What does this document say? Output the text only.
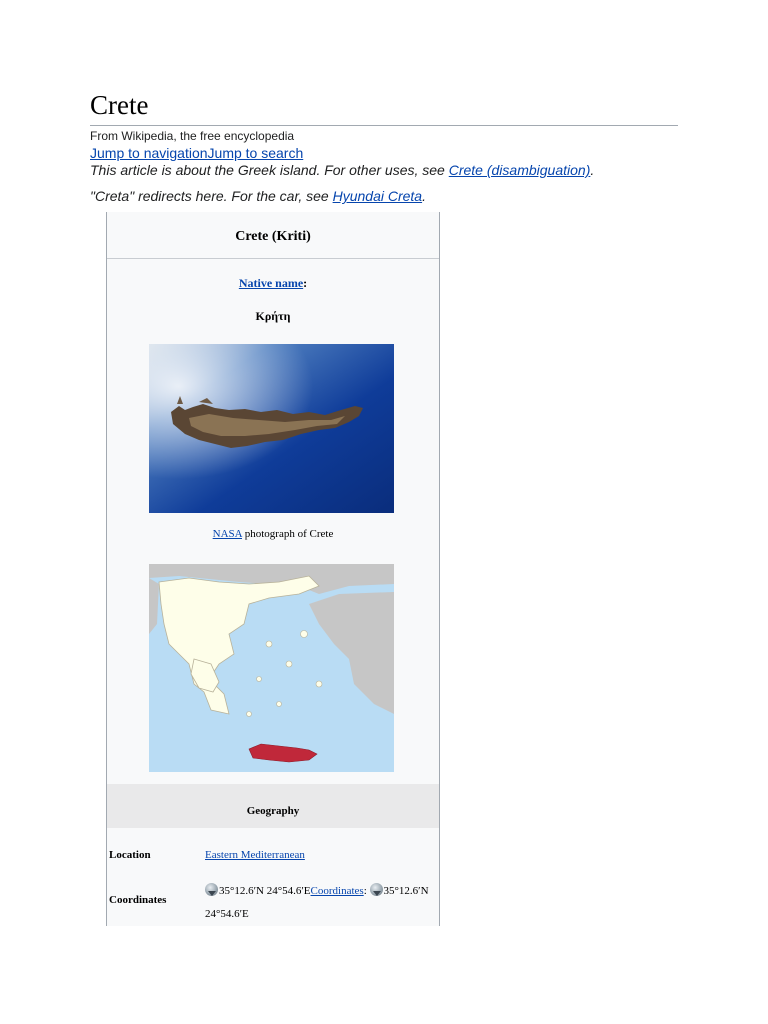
Crete
From Wikipedia, the free encyclopedia
Jump to navigationJump to search
This article is about the Greek island. For other uses, see Crete (disambiguation).
"Creta" redirects here. For the car, see Hyundai Creta.
Crete (Kriti)
Native name:
Κρήτη
NASA photograph of Crete
Geography
Location	Eastern Mediterranean
Coordinates
35°12.6′N 24°54.6′ECoordinates: 35°12.6′N 24°54.6′E
